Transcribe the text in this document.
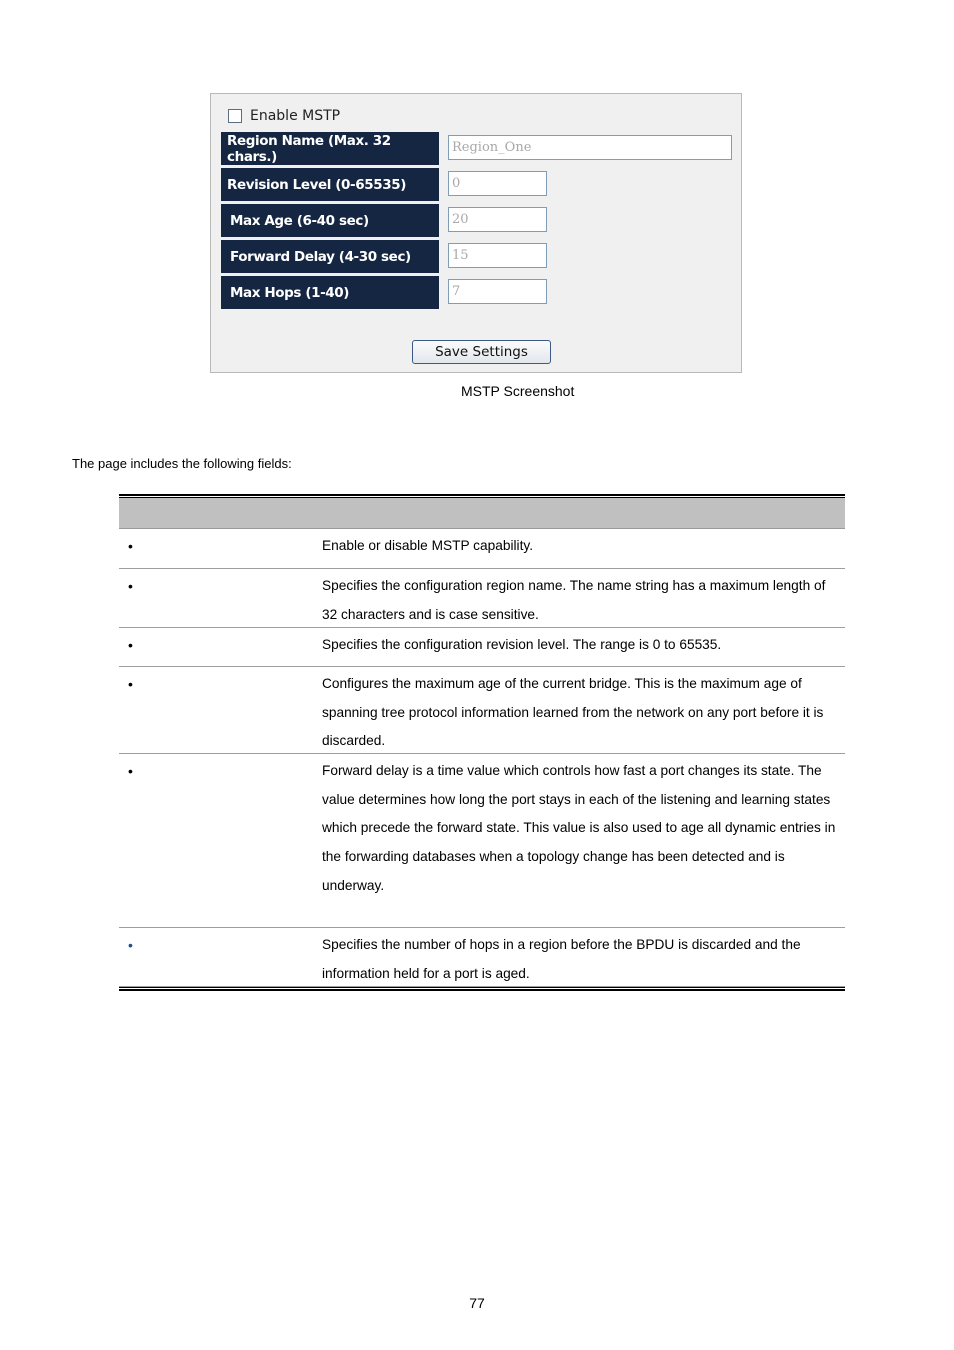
Enable MSTP
Region Name (Max. 32 chars.)
Region_One
Revision Level (0-65535)
0
Max Age (6-40 sec)
20
Forward Delay (4-30 sec)
15
Max Hops (1-40)
7
Save Settings
MSTP Screenshot
The page includes the following fields:
•	Enable or disable MSTP capability.
•	Specifies the configuration region name. The name string has a maximum length of 32 characters and is case sensitive.
•	Specifies the configuration revision level. The range is 0 to 65535.
•	Configures the maximum age of the current bridge. This is the maximum age of spanning tree protocol information learned from the network on any port before it is discarded.
•	Forward delay is a time value which controls how fast a port changes its state. The value determines how long the port stays in each of the listening and learning states which precede the forward state. This value is also used to age all dynamic entries in the forwarding databases when a topology change has been detected and is underway.
•	Specifies the number of hops in a region before the BPDU is discarded and the information held for a port is aged.
77
